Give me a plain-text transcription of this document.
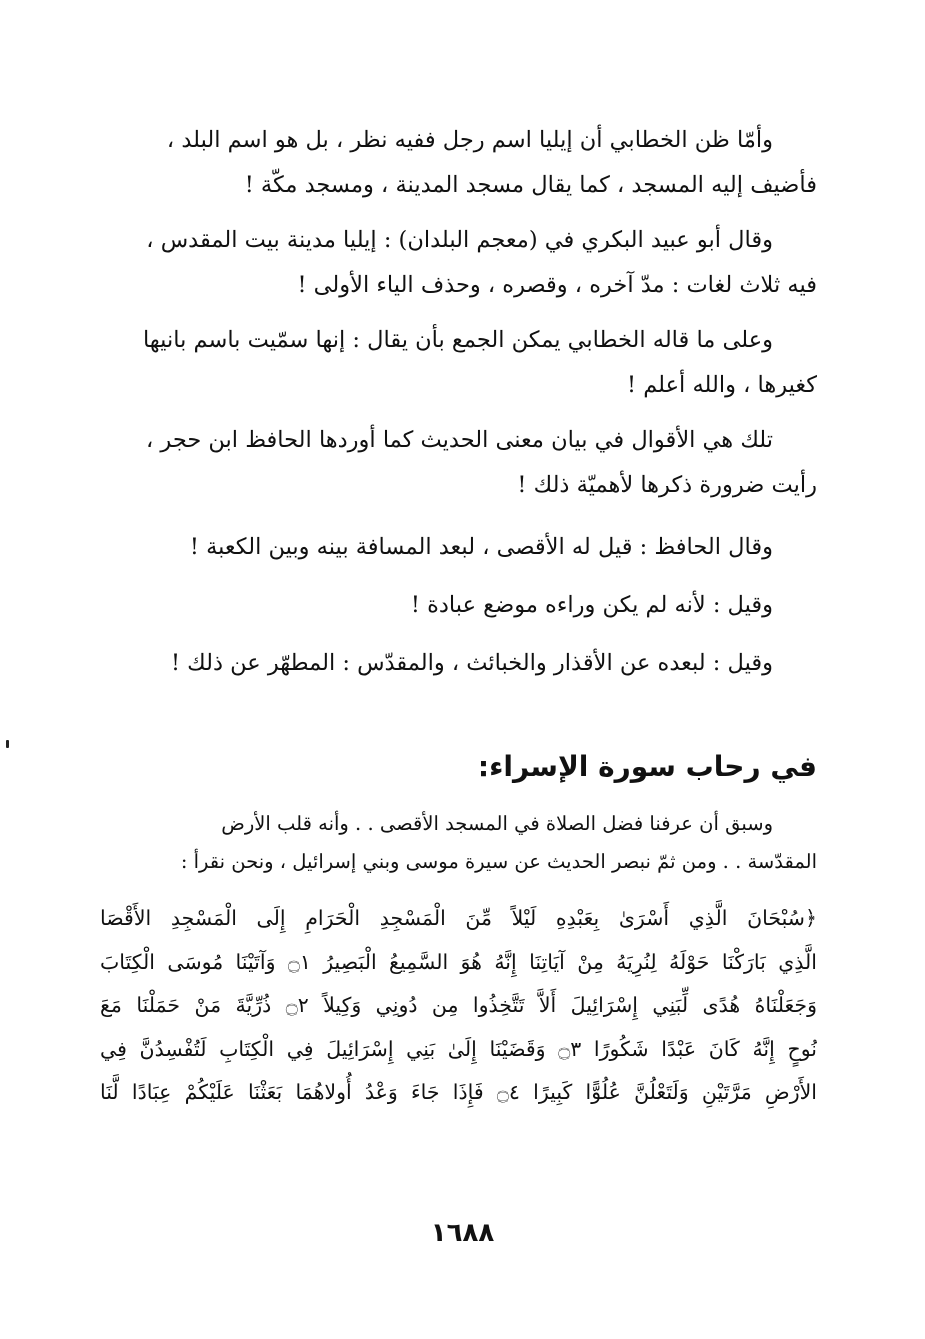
وأمّا ظن الخطابي أن إيليا اسم رجل ففيه نظر ، بل هو اسم البلد ،
فأضيف إليه المسجد ، كما يقال مسجد المدينة ، ومسجد مكّة !

وقال أبو عبيد البكري في (معجم البلدان) : إيليا مدينة بيت المقدس ،
فيه ثلاث لغات : مدّ آخره ، وقصره ، وحذف الياء الأولى !

وعلى ما قاله الخطابي يمكن الجمع بأن يقال : إنها سمّيت باسم بانيها
كغيرها ، والله أعلم !

تلك هي الأقوال في بيان معنى الحديث كما أوردها الحافظ ابن حجر ،
رأيت ضرورة ذكرها لأهميّة ذلك !

وقال الحافظ : قيل له الأقصى ، لبعد المسافة بينه وبين الكعبة !

وقيل : لأنه لم يكن وراءه موضع عبادة !

وقيل : لبعده عن الأقذار والخبائث ، والمقدّس : المطهّر عن ذلك !

في رحاب سورة الإسراء:

وسبق أن عرفنا فضل الصلاة في المسجد الأقصى . . وأنه قلب الأرض
المقدّسة . . ومن ثمّ نبصر الحديث عن سيرة موسى وبني إسرائيل ، ونحن نقرأ :

﴿سُبْحَانَ الَّذِي أَسْرَىٰ بِعَبْدِهِ لَيْلاً مِّنَ الْمَسْجِدِ الْحَرَامِ إِلَى الْمَسْجِدِ الأَقْصَا
الَّذِي بَارَكْنَا حَوْلَهُ لِنُرِيَهُ مِنْ آيَاتِنَا إِنَّهُ هُوَ السَّمِيعُ الْبَصِيرُ ۝١ وَآتَيْنَا مُوسَى الْكِتَابَ
وَجَعَلْنَاهُ هُدًى لِّبَنِي إِسْرَائِيلَ أَلاَّ تَتَّخِذُوا مِن دُونِي وَكِيلاً ۝٢ ذُرِّيَّةَ مَنْ حَمَلْنَا مَعَ
نُوحٍ إِنَّهُ كَانَ عَبْدًا شَكُورًا ۝٣ وَقَضَيْنَا إِلَىٰ بَنِي إِسْرَائِيلَ فِي الْكِتَابِ لَتُفْسِدُنَّ فِي
الأَرْضِ مَرَّتَيْنِ وَلَتَعْلُنَّ عُلُوًّا كَبِيرًا ۝٤ فَإِذَا جَاءَ وَعْدُ أُولاهُمَا بَعَثْنَا عَلَيْكُمْ عِبَادًا لَّنَا
١٦٨٨
